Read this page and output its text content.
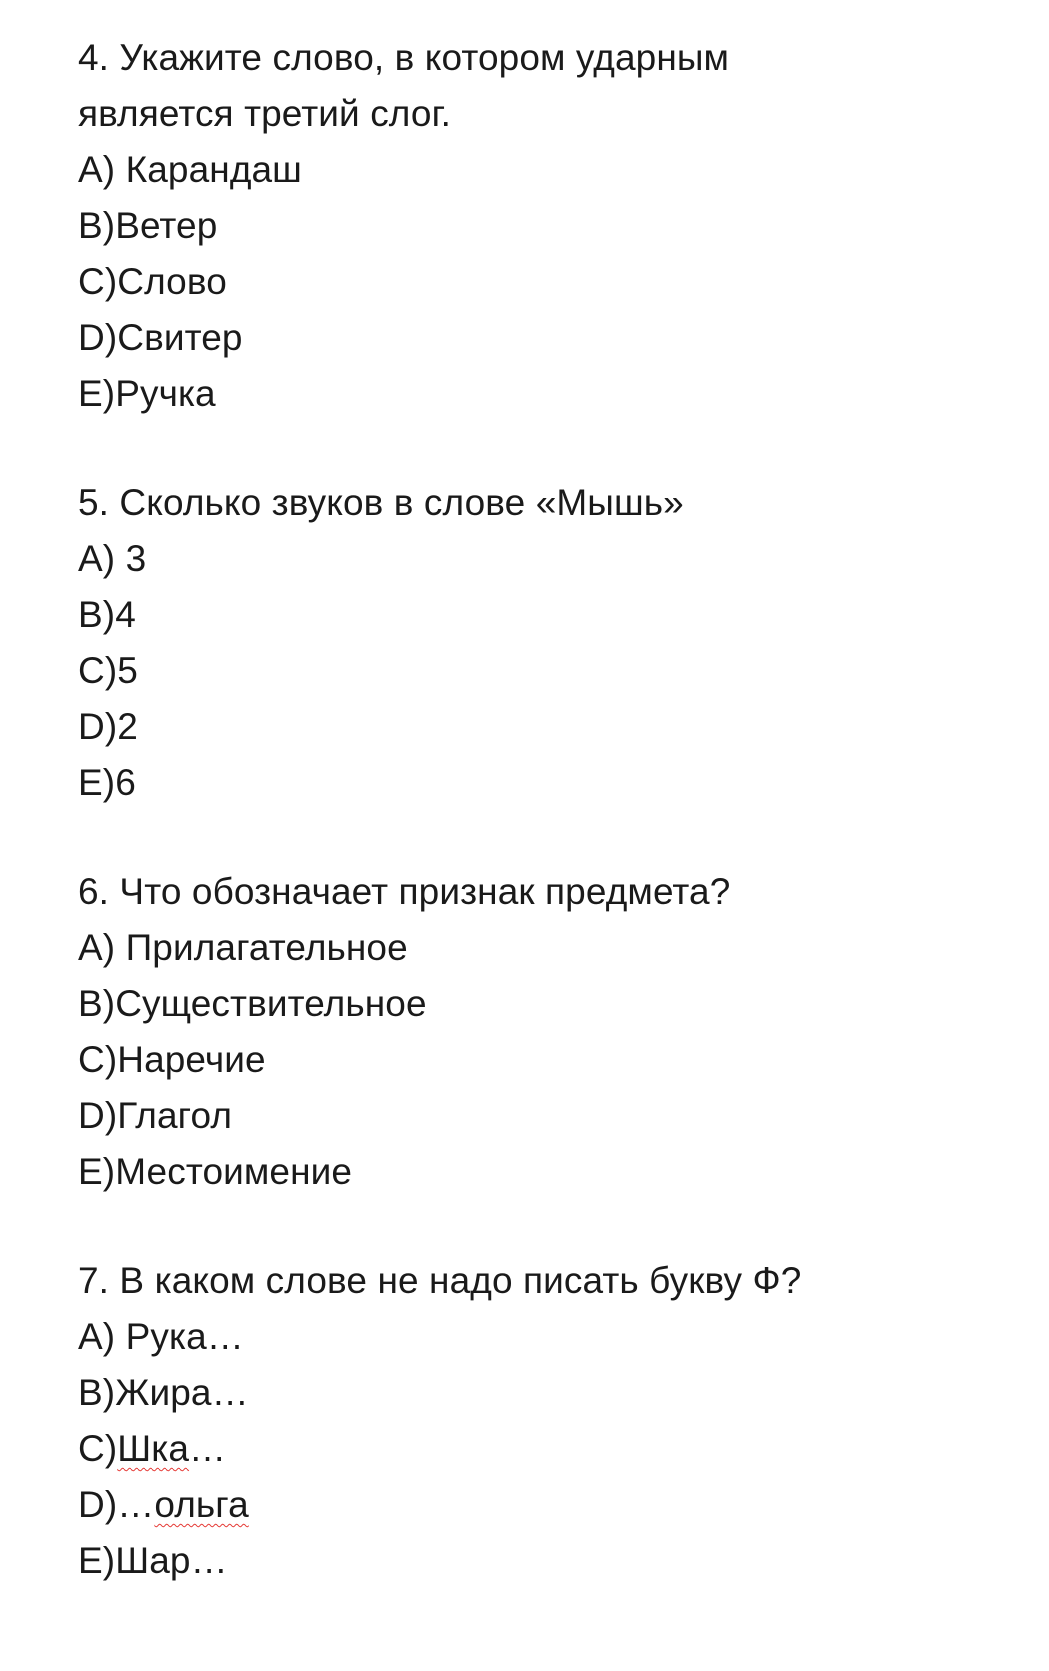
4. Укажите слово, в котором ударным
является третий слог.
A) Карандаш
B)Ветер
C)Слово
D)Свитер
E)Ручка
5. Сколько звуков в слове «Мышь»
A) 3
B)4
C)5
D)2
E)6
6. Что обозначает признак предмета?
A) Прилагательное
B)Существительное
C)Наречие
D)Глагол
E)Местоимение
7. В каком слове не надо писать букву Ф?
A) Рука…
B)Жира…
C)Шка…
D)…ольга
E)Шар…
